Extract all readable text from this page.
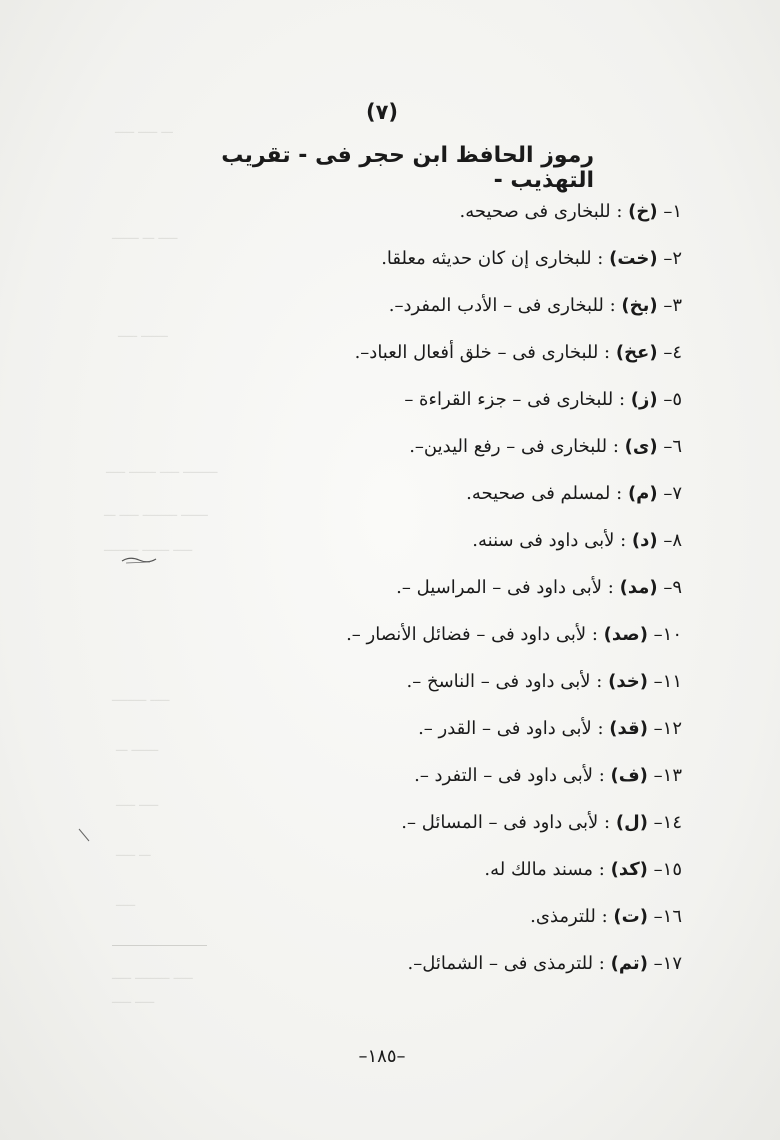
ـــ ـــــ ـــــ
ـــــ ـــ ـــــــ
ـــــــ ـــــ
ـــــــــ ـــــ ـــــــ ـــــ
ـــــــ ـــــــــ ـــــ ـــ
ـــــ ـــــــ ـــــــــ
ـــــ ـــــــــ
ـــــــ ـــ
ـــــ ـــــ
ـــ ـــــ
ـــــ
ـــــ ـــــــــ ـــــ
ـــــ ـــــ
(٧)
رموز الحافظ ابن حجر فى - تقريب التهذيب -
١– (خ) : للبخارى فى صحيحه.
٢– (خت) : للبخارى إن كان حديثه معلقا.
٣– (بخ) : للبخارى فى – الأدب المفرد–.
٤– (عخ) : للبخارى فى – خلق أفعال العباد–.
٥– (ز) : للبخارى فى – جزء القراءة –
٦– (ى) : للبخارى فى – رفع اليدين–.
٧– (م) : لمسلم فى صحيحه.
٨– (د) : لأبى داود فى سننه.
٩– (مد) : لأبى داود فى – المراسيل –.
١٠– (صد) : لأبى داود فى – فضائل الأنصار –.
١١– (خد) : لأبى داود فى – الناسخ –.
١٢– (قد) : لأبى داود فى – القدر –.
١٣– (ف) : لأبى داود فى – التفرد –.
١٤– (ل) : لأبى داود فى – المسائل –.
١٥– (كد) : مسند مالك له.
١٦– (ت) : للترمذى.
١٧– (تم) : للترمذى فى – الشمائل–.
–١٨٥–
